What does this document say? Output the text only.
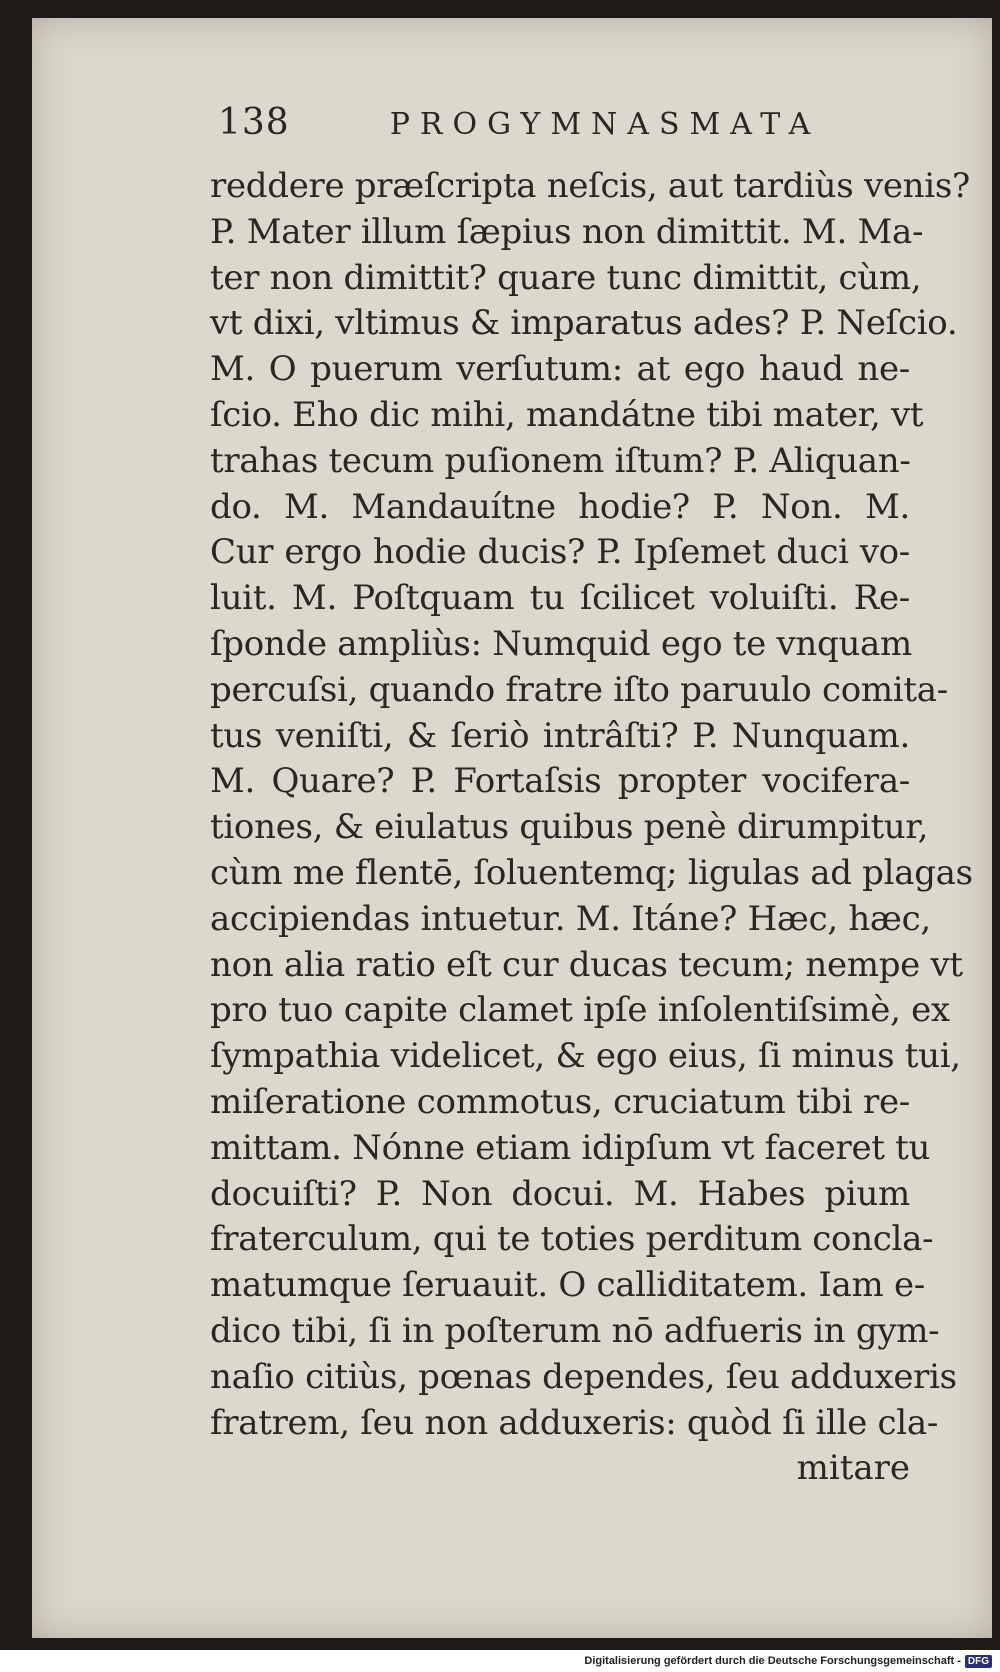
138	PROGYMNASMATA
reddere præſcripta neſcis, aut tardiùs venis?
P. Mater illum ſæpius non dimittit. M. Ma-
ter non dimittit? quare tunc dimittit, cùm,
vt dixi, vltimus & imparatus ades? P. Neſcio.
M. O puerum verſutum: at ego haud ne-
ſcio. Eho dic mihi, mandátne tibi mater, vt
trahas tecum puſionem iſtum? P. Aliquan-
do. M. Mandauítne hodie? P. Non. M.
Cur ergo hodie ducis? P. Ipſemet duci vo-
luit. M. Poſtquam tu ſcilicet voluiſti. Re-
ſponde ampliùs: Numquid ego te vnquam
percuſsi, quando fratre iſto paruulo comita-
tus veniſti, & ſeriò intrâſti? P. Nunquam.
M. Quare? P. Fortaſsis propter vocifera-
tiones, & eiulatus quibus penè dirumpitur,
cùm me flentē, ſoluentemq; ligulas ad plagas
accipiendas intuetur. M. Itáne? Hæc, hæc,
non alia ratio eſt cur ducas tecum; nempe vt
pro tuo capite clamet ipſe inſolentiſsimè, ex
ſympathia videlicet, & ego eius, ſi minus tui,
miſeratione commotus, cruciatum tibi re-
mittam. Nónne etiam idipſum vt faceret tu
docuiſti? P. Non docui. M. Habes pium
fraterculum, qui te toties perditum concla-
matumque ſeruauit. O calliditatem. Iam e-
dico tibi, ſi in poſterum nō adfueris in gym-
naſio citiùs, pœnas dependes, ſeu adduxeris
fratrem, ſeu non adduxeris: quòd ſi ille cla-
mitare
Digitalisierung gefördert durch die Deutsche Forschungsgemeinschaft - DFG
